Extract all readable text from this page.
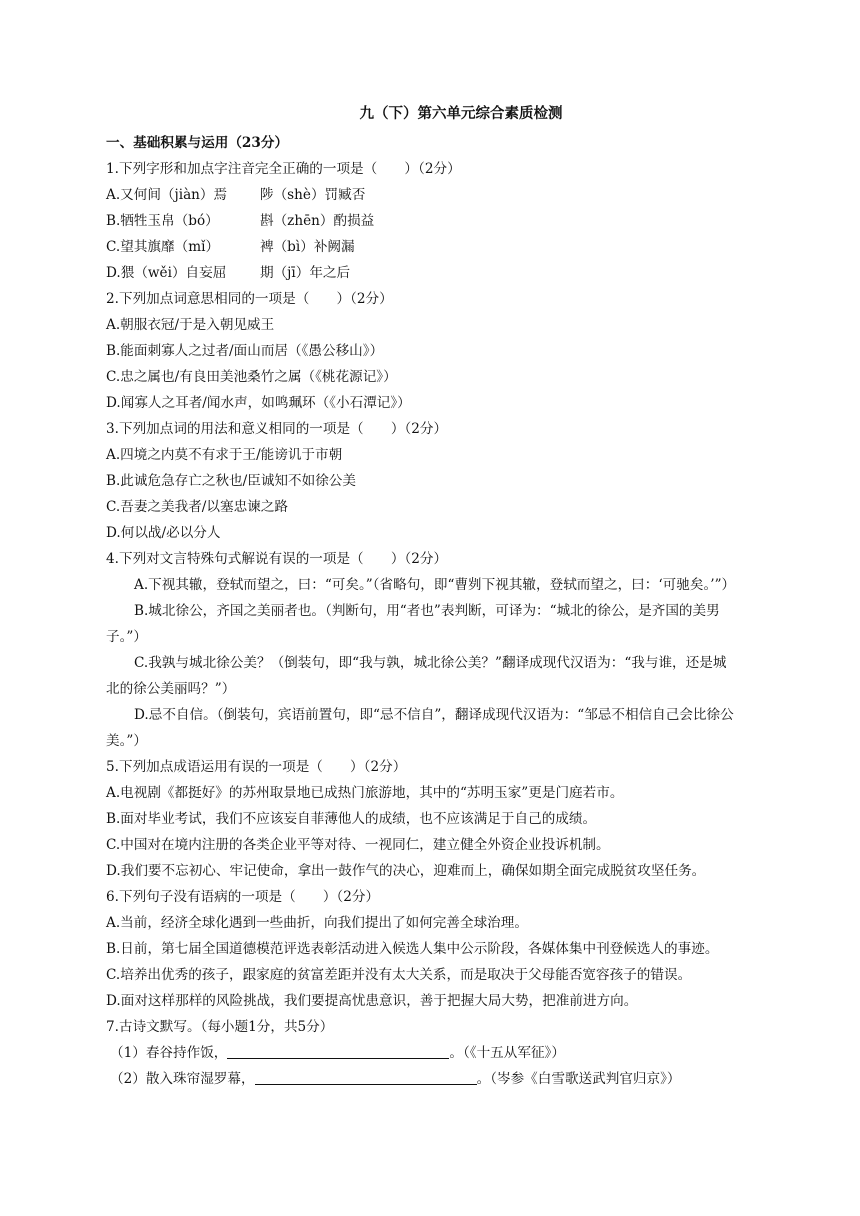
九（下）第六单元综合素质检测
一、基础积累与运用（23分）
1.下列字形和加点字注音完全正确的一项是（　　）（2分）
A.又何间（jiàn）焉	陟（shè）罚臧否
B.牺牲玉帛（bó）	斟（zhēn）酌损益
C.望其旗靡（mǐ）	裨（bì）补阙漏
D.猥（wěi）自妄屈	期（jī）年之后
2.下列加点词意思相同的一项是（　　）（2分）
A.朝服衣冠/于是入朝见威王
B.能面刺寡人之过者/面山而居（《愚公移山》）
C.忠之属也/有良田美池桑竹之属（《桃花源记》）
D.闻寡人之耳者/闻水声，如鸣珮环（《小石潭记》）
3.下列加点词的用法和意义相同的一项是（　　）（2分）
A.四境之内莫不有求于王/能谤讥于市朝
B.此诚危急存亡之秋也/臣诚知不如徐公美
C.吾妻之美我者/以塞忠谏之路
D.何以战/必以分人
4.下列对文言特殊句式解说有误的一项是（　　）（2分）
A.下视其辙，登轼而望之，曰：“可矣。”（省略句，即“曹刿下视其辙，登轼而望之，曰：‘可驰矣。’”）
B.城北徐公，齐国之美丽者也。（判断句，用“者也”表判断，可译为：“城北的徐公，是齐国的美男
子。”）
C.我孰与城北徐公美？（倒装句，即“我与孰，城北徐公美？”翻译成现代汉语为：“我与谁，还是城
北的徐公美丽吗？”）
D.忌不自信。（倒装句，宾语前置句，即“忌不信自”，翻译成现代汉语为：“邹忌不相信自己会比徐公
美。”）
5.下列加点成语运用有误的一项是（　　）（2分）
A.电视剧《都挺好》的苏州取景地已成热门旅游地，其中的“苏明玉家”更是门庭若市。
B.面对毕业考试，我们不应该妄自菲薄他人的成绩，也不应该满足于自己的成绩。
C.中国对在境内注册的各类企业平等对待、一视同仁，建立健全外资企业投诉机制。
D.我们要不忘初心、牢记使命，拿出一鼓作气的决心，迎难而上，确保如期全面完成脱贫攻坚任务。
6.下列句子没有语病的一项是（　　）（2分）
A.当前，经济全球化遇到一些曲折，向我们提出了如何完善全球治理。
B.日前，第七届全国道德模范评选表彰活动进入候选人集中公示阶段，各媒体集中刊登候选人的事迹。
C.培养出优秀的孩子，跟家庭的贫富差距并没有太大关系，而是取决于父母能否宽容孩子的错误。
D.面对这样那样的风险挑战，我们要提高忧患意识，善于把握大局大势，把准前进方向。
7.古诗文默写。（每小题1分，共5分）
（1）春谷持作饭，	。（《十五从军征》）
（2）散入珠帘湿罗幕，	。（岑参《白雪歌送武判官归京》）
